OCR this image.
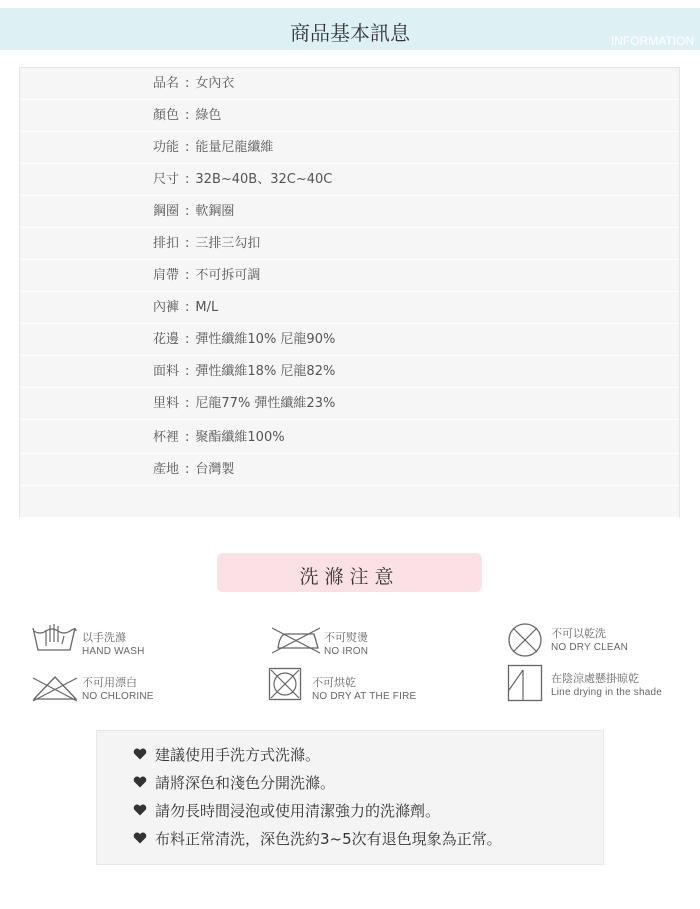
商品基本訊息	INFORMATION
品名 : 女內衣
顏色 : 綠色
功能 : 能量尼龍纖維
尺寸 : 32B~40B、32C~40C
鋼圈 : 軟鋼圈
排扣 : 三排三勾扣
肩帶 : 不可拆可調
內褲 : M/L
花邊 : 彈性纖維10% 尼龍90%
面料 : 彈性纖維18% 尼龍82%
里料 : 尼龍77% 彈性纖維23%
杯裡 : 聚酯纖維100%
產地 : 台灣製
洗滌注意
以手洗滌
HAND WASH
不可熨燙
NO IRON
不可以乾洗
NO DRY CLEAN
不可用漂白
NO CHLORINE
不可烘乾
NO DRY AT THE FIRE
在陰涼處懸掛晾乾
Line drying in the shade
建議使用手洗方式洗滌。
請將深色和淺色分開洗滌。
請勿長時間浸泡或使用清潔強力的洗滌劑。
布料正常清洗，深色洗約3~5次有退色現象為正常。
